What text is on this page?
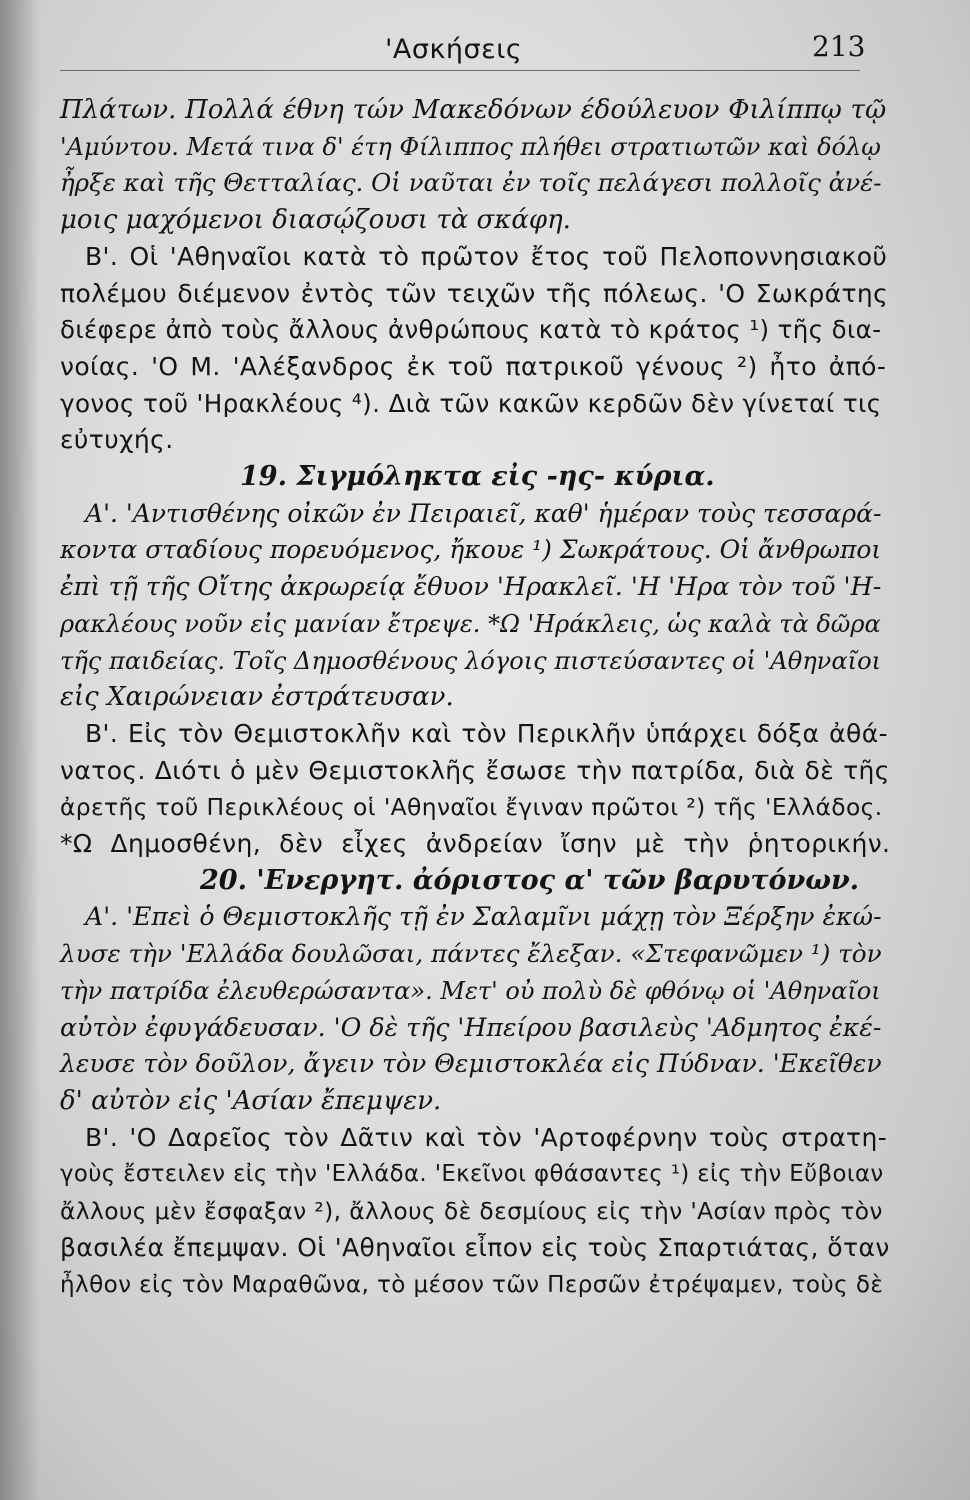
'Ασκήσεις	213
Πλάτων. Πολλά έθνη τών Μακεδόνων έδούλευον Φιλίππῳ τῷ
'Αμύντου. Μετά τινα δ' έτη Φίλιππος πλήθει στρατιωτῶν καὶ δόλῳ
ἦρξε καὶ τῆς Θετταλίας. Οἱ ναῦται ἐν τοῖς πελάγεσι πολλοῖς ἀνέ-
μοις μαχόμενοι διασῴζουσι τὰ σκάφη.
Β'. Οἱ 'Αθηναῖοι κατὰ τὸ πρῶτον ἔτος τοῦ Πελοποννησιακοῦ
πολέμου διέμενον ἐντὸς τῶν τειχῶν τῆς πόλεως. 'Ο Σωκράτης
διέφερε ἀπὸ τοὺς ἄλλους ἀνθρώπους κατὰ τὸ κράτος ¹) τῆς δια-
νοίας. 'Ο Μ. 'Αλέξανδρος ἐκ τοῦ πατρικοῦ γένους ²) ἦτο ἀπό-
γονος τοῦ 'Ηρακλέους ⁴). Διὰ τῶν κακῶν κερδῶν δὲν γίνεταί τις
εὐτυχής.
19. Σιγμόληκτα εἰς -ης- κύρια.
Α'. 'Αντισθένης οἰκῶν ἐν Πειραιεῖ, καθ' ἡμέραν τοὺς τεσσαρά-
κοντα σταδίους πορευόμενος, ἤκουε ¹) Σωκράτους. Οἱ ἄνθρωποι
ἐπὶ τῇ τῆς Οἴτης ἀκρωρείᾳ ἔθυον 'Ηρακλεῖ. 'Η 'Ηρα τὸν τοῦ 'Η-
ρακλέους νοῦν εἰς μανίαν ἔτρεψε. *Ω 'Ηράκλεις, ὡς καλὰ τὰ δῶρα
τῆς παιδείας. Τοῖς Δημοσθένους λόγοις πιστεύσαντες οἱ 'Αθηναῖοι
εἰς Χαιρώνειαν ἐστράτευσαν.
Β'. Εἰς τὸν Θεμιστοκλῆν καὶ τὸν Περικλῆν ὑπάρχει δόξα ἀθά-
νατος. Διότι ὁ μὲν Θεμιστοκλῆς ἔσωσε τὴν πατρίδα, διὰ δὲ τῆς
ἀρετῆς τοῦ Περικλέους οἱ 'Αθηναῖοι ἔγιναν πρῶτοι ²) τῆς 'Ελλάδος.
*Ω Δημοσθένη, δὲν εἶχες ἀνδρείαν ἴσην μὲ τὴν ῥητορικήν.
20. 'Ενεργητ. ἀόριστος α' τῶν βαρυτόνων.
Α'. 'Επεὶ ὁ Θεμιστοκλῆς τῇ ἐν Σαλαμῖνι μάχῃ τὸν Ξέρξην ἐκώ-
λυσε τὴν 'Ελλάδα δουλῶσαι, πάντες ἔλεξαν. «Στεφανῶμεν ¹) τὸν
τὴν πατρίδα ἐλευθερώσαντα». Μετ' οὐ πολὺ δὲ φθόνῳ οἱ 'Αθηναῖοι
αὐτὸν ἐφυγάδευσαν. 'Ο δὲ τῆς 'Ηπείρου βασιλεὺς 'Αδμητος ἐκέ-
λευσε τὸν δοῦλον, ἄγειν τὸν Θεμιστοκλέα εἰς Πύδναν. 'Εκεῖθεν
δ' αὐτὸν εἰς 'Ασίαν ἔπεμψεν.
Β'. 'Ο Δαρεῖος τὸν Δᾶτιν καὶ τὸν 'Αρτοφέρνην τοὺς στρατη-
γοὺς ἔστειλεν εἰς τὴν 'Ελλάδα. 'Εκεῖνοι φθάσαντες ¹) εἰς τὴν Εὔβοιαν
ἄλλους μὲν ἔσφαξαν ²), ἄλλους δὲ δεσμίους εἰς τὴν 'Ασίαν πρὸς τὸν
βασιλέα ἔπεμψαν. Οἱ 'Αθηναῖοι εἶπον εἰς τοὺς Σπαρτιάτας, ὅταν
ἦλθον εἰς τὸν Μαραθῶνα, τὸ μέσον τῶν Περσῶν ἐτρέψαμεν, τοὺς δὲ
